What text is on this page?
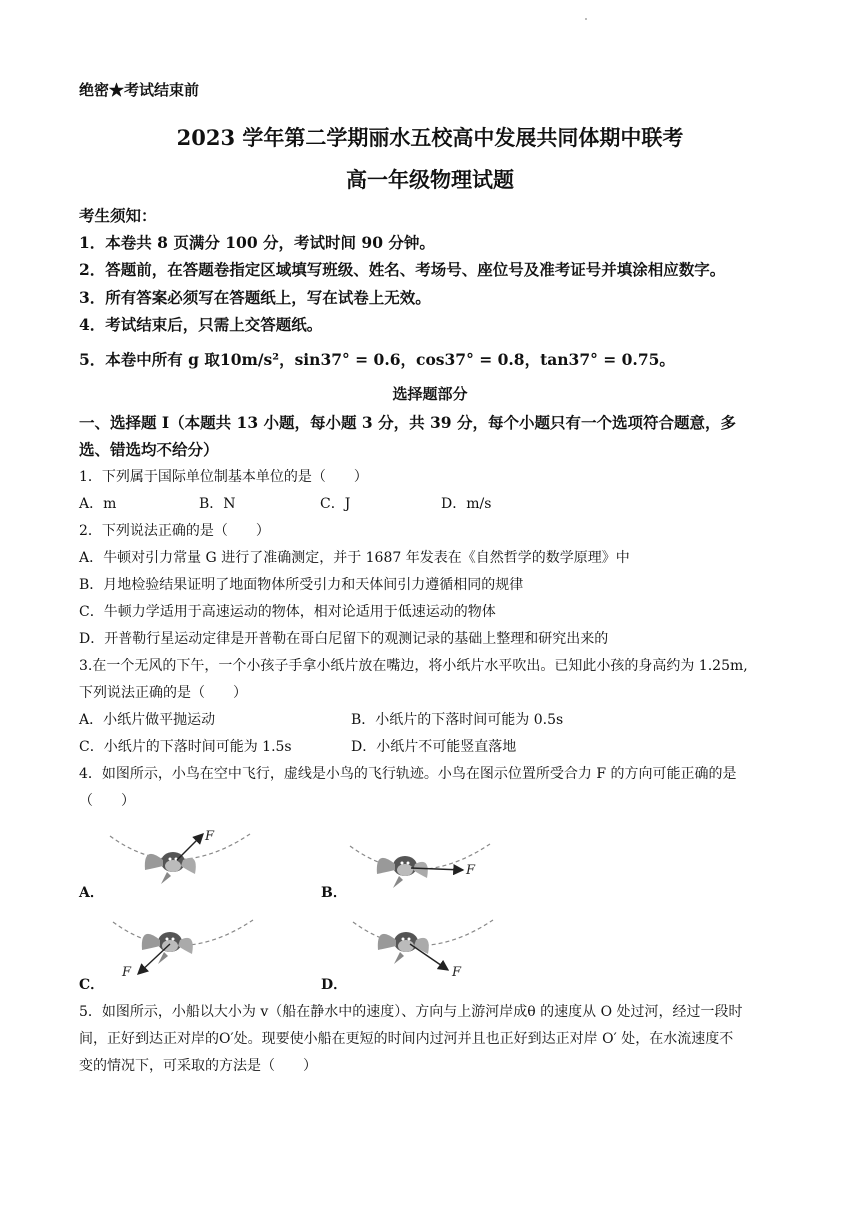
绝密★考试结束前
2023 学年第二学期丽水五校高中发展共同体期中联考
高一年级物理试题
考生须知：
1．本卷共 8 页满分 100 分，考试时间 90 分钟。
2．答题前，在答题卷指定区域填写班级、姓名、考场号、座位号及准考证号并填涂相应数字。
3．所有答案必须写在答题纸上，写在试卷上无效。
4．考试结束后，只需上交答题纸。
5．本卷中所有 g 取10m/s²，sin37° = 0.6，cos37° = 0.8，tan37° = 0.75。
选择题部分
一、选择题 I（本题共 13 小题，每小题 3 分，共 39 分，每个小题只有一个选项符合题意，多
选、错选均不给分）
1．下列属于国际单位制基本单位的是（　　）
A．m	B．N	C．J	D．m/s
2．下列说法正确的是（　　）
A．牛顿对引力常量 G 进行了准确测定，并于 1687 年发表在《自然哲学的数学原理》中
B．月地检验结果证明了地面物体所受引力和天体间引力遵循相同的规律
C．牛顿力学适用于高速运动的物体，相对论适用于低速运动的物体
D．开普勒行星运动定律是开普勒在哥白尼留下的观测记录的基础上整理和研究出来的
3.在一个无风的下午，一个小孩子手拿小纸片放在嘴边，将小纸片水平吹出。已知此小孩的身高约为 1.25m,
下列说法正确的是（　　）
A．小纸片做平抛运动	B．小纸片的下落时间可能为 0.5s
C．小纸片的下落时间可能为 1.5s	D．小纸片不可能竖直落地
4．如图所示，小鸟在空中飞行，虚线是小鸟的飞行轨迹。小鸟在图示位置所受合力 F 的方向可能正确的是
（　　）
F
A．
F
B．
F
C．
F
D．
5．如图所示，小船以大小为 v（船在静水中的速度）、方向与上游河岸成θ 的速度从 O 处过河，经过一段时
间，正好到达正对岸的O′处。现要使小船在更短的时间内过河并且也正好到达正对岸 O′ 处，在水流速度不
变的情况下，可采取的方法是（　　）
